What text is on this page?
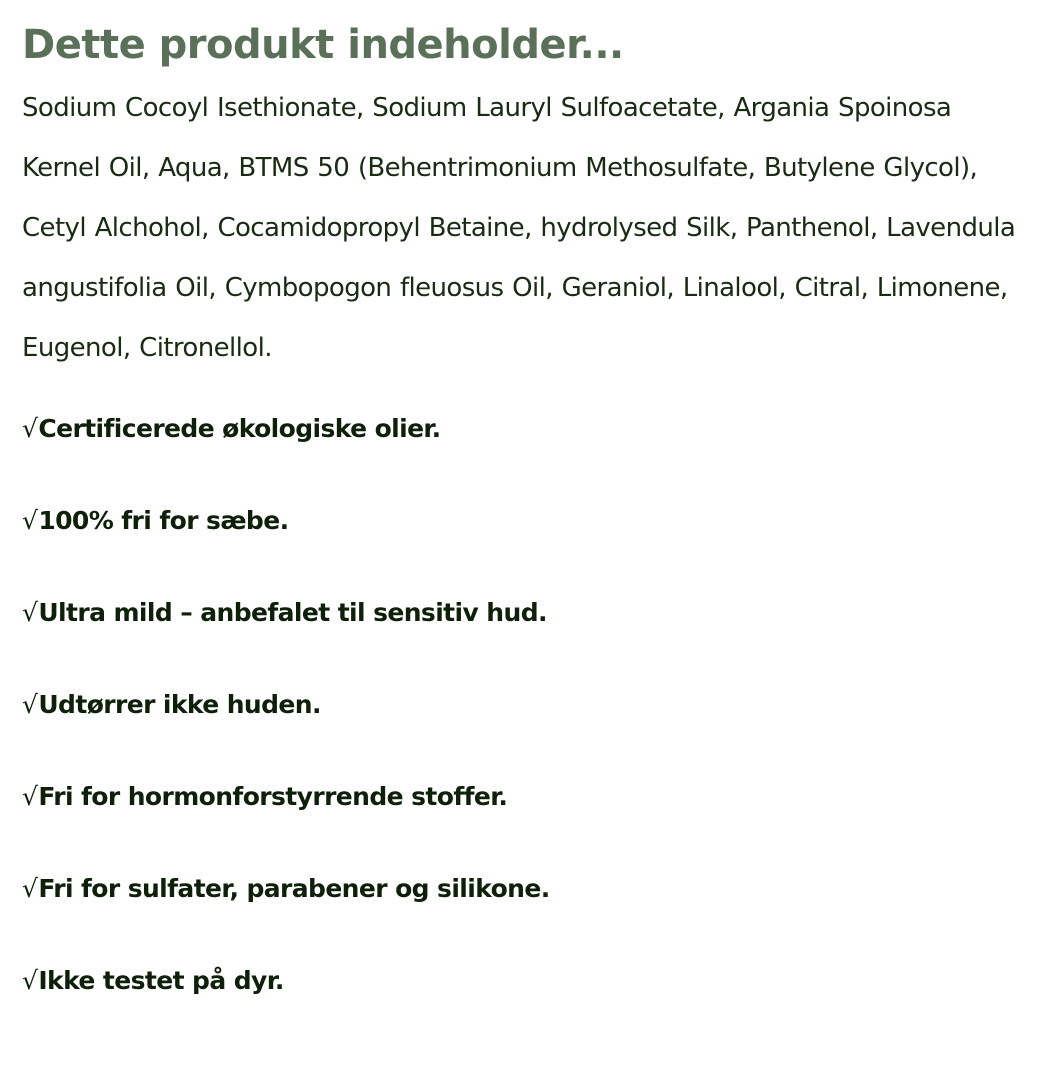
Dette produkt indeholder...

Sodium Cocoyl Isethionate, Sodium Lauryl Sulfoacetate, Argania Spoinosa Kernel Oil, Aqua, BTMS 50 (Behentrimonium Methosulfate, Butylene Glycol), Cetyl Alchohol, Cocamidopropyl Betaine, hydrolysed Silk, Panthenol, Lavendula angustifolia Oil, Cymbopogon fleuosus Oil, Geraniol, Linalool, Citral, Limonene, Eugenol, Citronellol.

√Certificerede økologiske olier.
√100% fri for sæbe.
√Ultra mild – anbefalet til sensitiv hud.
√Udtørrer ikke huden.
√Fri for hormonforstyrrende stoffer.
√Fri for sulfater, parabener og silikone.
√Ikke testet på dyr.
